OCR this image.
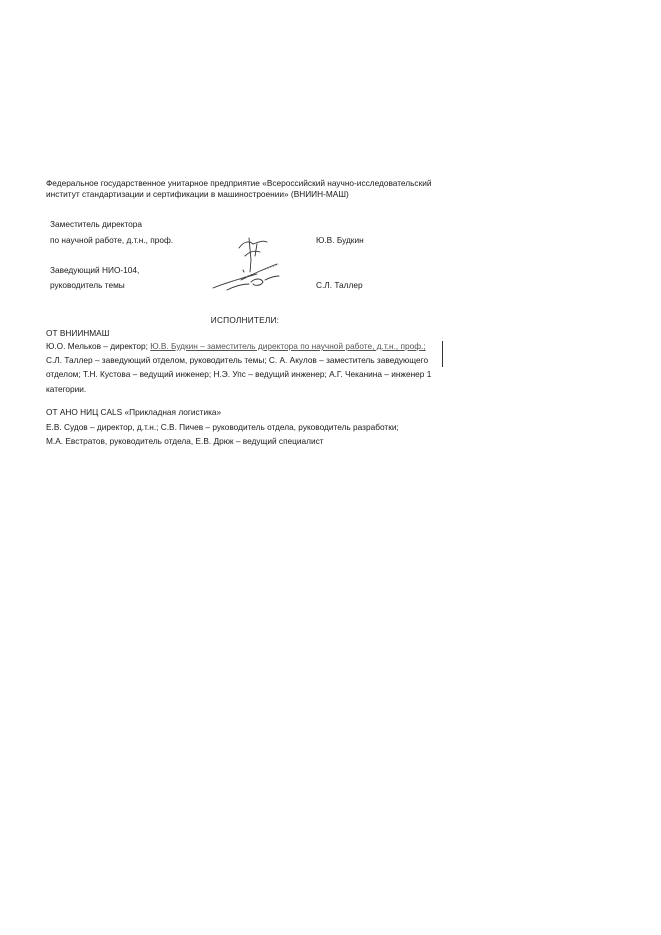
Федеральное государственное унитарное предприятие «Всероссийский научно-исследовательский институт стандартизации и сертификации в машиностроении» (ВНИИН-МАШ)
Заместитель директора
по научной работе, д.т.н., проф.	Ю.В. Будкин
Заведующий НИО-104,
руководитель темы	С.Л. Таллер
ИСПОЛНИТЕЛИ:
ОТ ВНИИНМАШ
Ю.О. Мельков – директор; Ю.В. Будкин – заместитель директора по научной работе, д.т.н., проф.; С.Л. Таллер – заведующий отделом, руководитель темы; С. А. Акулов – заместитель заведующего отделом; Т.Н. Кустова – ведущий инженер; Н.Э. Упс – ведущий инженер; А.Г. Чеканина – инженер 1 категории.
ОТ АНО НИЦ CALS «Прикладная логистика»
Е.В. Судов – директор, д.т.н.; С.В. Пичев – руководитель отдела, руководитель разработки;
М.А. Евстратов, руководитель отдела, Е.В. Дрюк – ведущий специалист
